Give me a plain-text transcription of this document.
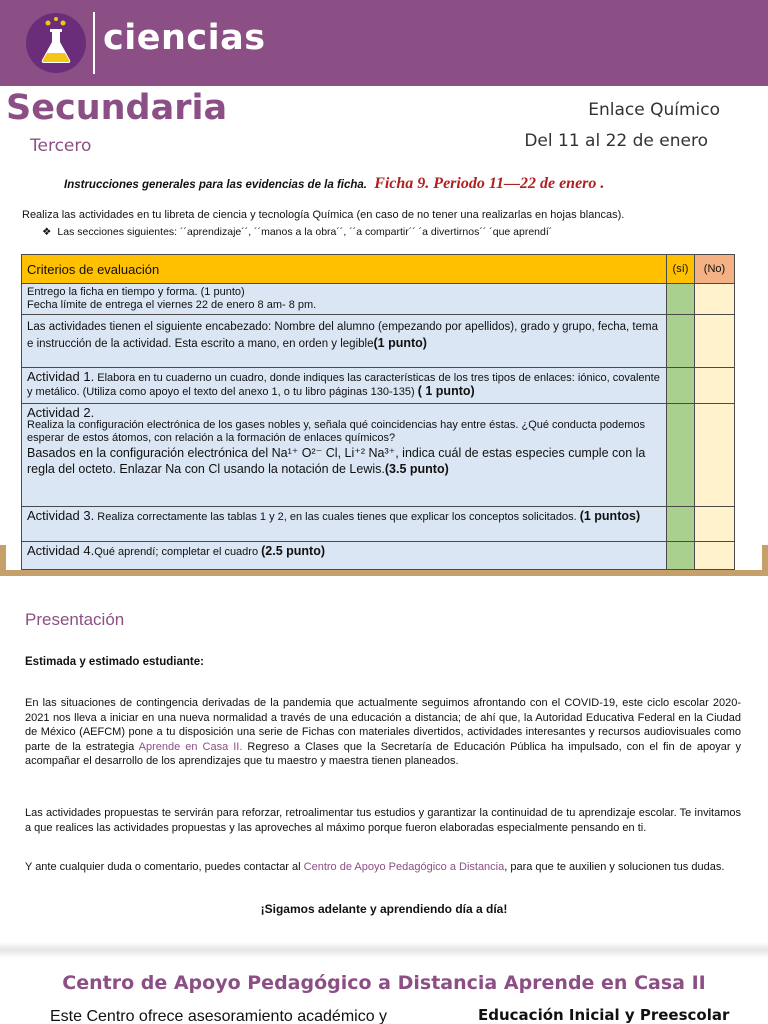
ciencias
Secundaria
Tercero
Enlace Químico
Del 11 al 22 de enero
Instrucciones generales para las evidencias de la ficha. Ficha 9. Periodo 11—22 de enero .
Realiza las actividades en tu libreta de ciencia y tecnología Química (en caso de no tener una realizarlas en hojas blancas).
❖ Las secciones siguientes: ´´aprendizaje´´, ´´manos a la obra´´, ´´a compartir´´ ´a divertirnos´´ ´que aprendí´
Criterios de evaluación	(sí)	(No)

Entrego la ficha en tiempo y forma. (1 punto)
Fecha límite de entrega el viernes 22 de enero 8 am- 8 pm.		

Las actividades tienen el siguiente encabezado: Nombre del alumno (empezando por apellidos), grado y grupo, fecha, tema e instrucción de la actividad. Esta escrito a mano, en orden y legible(1 punto)		

Actividad 1. Elabora en tu cuaderno un cuadro, donde indiques las características de los tres tipos de enlaces: iónico, covalente y metálico. (Utiliza como apoyo el texto del anexo 1, o tu libro páginas 130-135) ( 1 punto)		

Actividad 2.
Realiza la configuración electrónica de los gases nobles y, señala qué coincidencias hay entre éstas. ¿Qué conducta podemos esperar de estos átomos, con relación a la formación de enlaces químicos?
Basados en la configuración electrónica del Na¹⁺ O²⁻ Cl, Li⁺² Na³⁺, indica cuál de estas especies cumple con la regla del octeto. Enlazar Na con Cl usando la notación de Lewis.(3.5 punto)		

Actividad 3. Realiza correctamente las tablas 1 y 2, en las cuales tienes que explicar los conceptos solicitados. (1 puntos)		
Actividad 4.Qué aprendí; completar el cuadro (2.5 punto)		
Presentación
Estimada y estimado estudiante:
En las situaciones de contingencia derivadas de la pandemia que actualmente seguimos afrontando con el COVID-19, este ciclo escolar 2020-2021 nos lleva a iniciar en una nueva normalidad a través de una educación a distancia; de ahí que, la Autoridad Educativa Federal en la Ciudad de México (AEFCM) pone a tu disposición una serie de Fichas con materiales divertidos, actividades interesantes y recursos audiovisuales como parte de la estrategia Aprende en Casa II. Regreso a Clases que la Secretaría de Educación Pública ha impulsado, con el fin de apoyar y acompañar el desarrollo de los aprendizajes que tu maestro y maestra tienen planeados.
Las actividades propuestas te servirán para reforzar, retroalimentar tus estudios y garantizar la continuidad de tu aprendizaje escolar. Te invitamos a que realices las actividades propuestas y las aproveches al máximo porque fueron elaboradas especialmente pensando en ti.
Y ante cualquier duda o comentario, puedes contactar al Centro de Apoyo Pedagógico a Distancia, para que te auxilien y solucionen tus dudas.
¡Sigamos adelante y aprendiendo día a día!
Centro de Apoyo Pedagógico a Distancia Aprende en Casa II
Este Centro ofrece asesoramiento académico y	Educación Inicial y Preescolar
